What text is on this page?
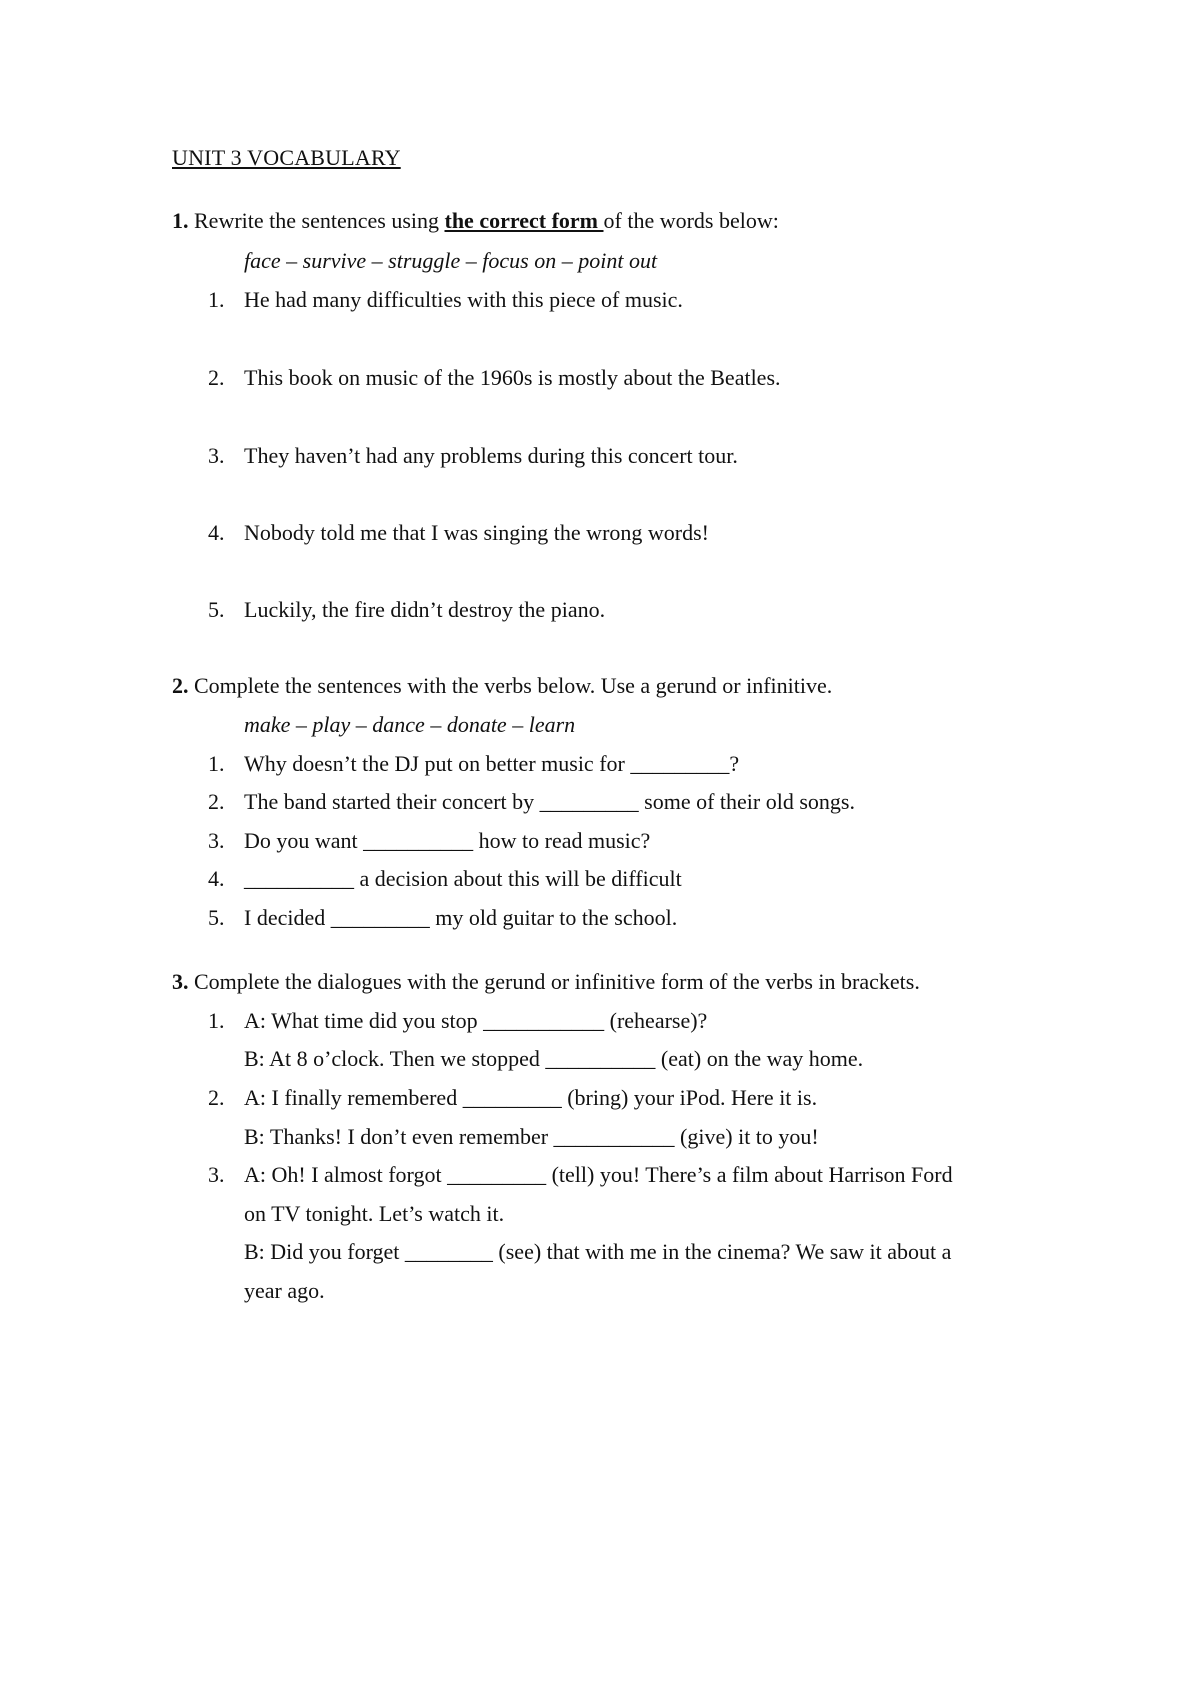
UNIT 3 VOCABULARY
1. Rewrite the sentences using the correct form of the words below:
face – survive – struggle – focus on – point out
1. He had many difficulties with this piece of music.
2. This book on music of the 1960s is mostly about the Beatles.
3. They haven’t had any problems during this concert tour.
4. Nobody told me that I was singing the wrong words!
5. Luckily, the fire didn’t destroy the piano.
2. Complete the sentences with the verbs below. Use a gerund or infinitive.
make – play – dance – donate – learn
1. Why doesn’t the DJ put on better music for _________?
2. The band started their concert by _________ some of their old songs.
3. Do you want __________ how to read music?
4. __________ a decision about this will be difficult
5. I decided _________ my old guitar to the school.
3. Complete the dialogues with the gerund or infinitive form of the verbs in brackets.
1. A: What time did you stop ___________ (rehearse)?
B: At 8 o’clock. Then we stopped __________ (eat) on the way home.
2. A: I finally remembered _________ (bring) your iPod. Here it is.
B: Thanks! I don’t even remember ___________ (give) it to you!
3. A: Oh! I almost forgot _________ (tell) you! There’s a film about Harrison Ford
on TV tonight. Let’s watch it.
B: Did you forget ________ (see) that with me in the cinema? We saw it about a
year ago.
